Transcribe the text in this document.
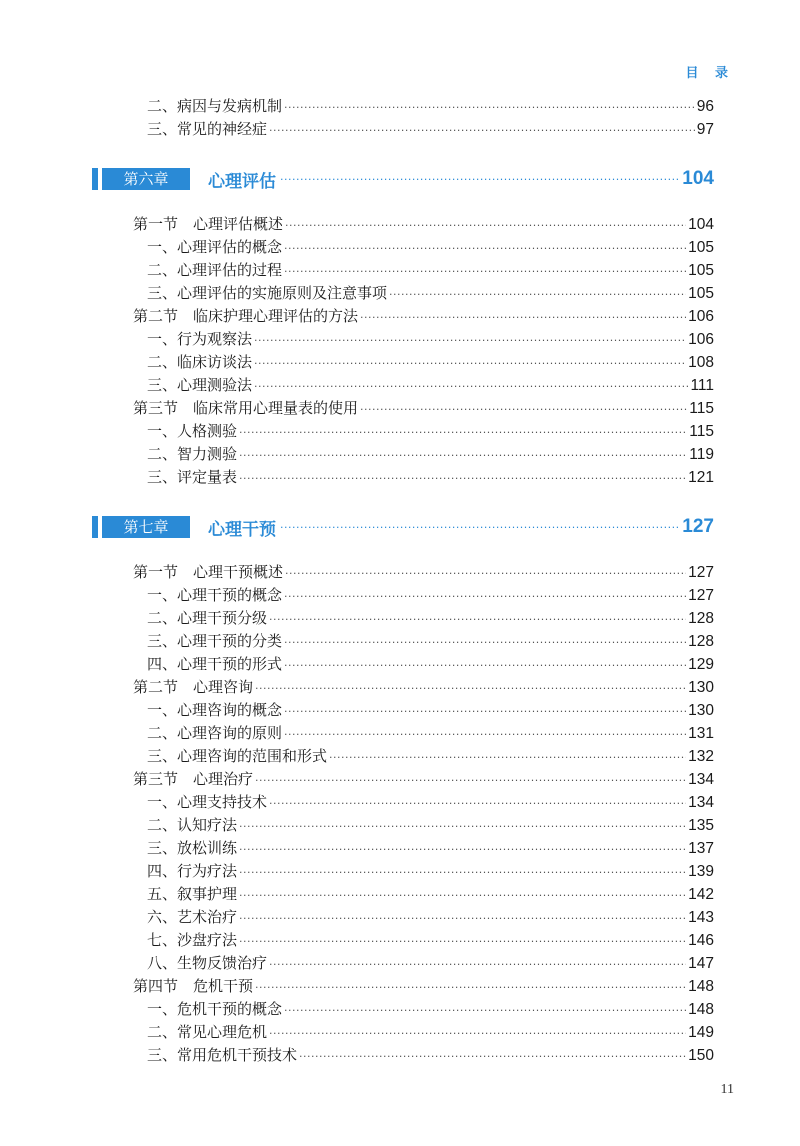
目 录
二、病因与发病机制 ·····	96
三、常见的神经症 ·····	97
第六章	心理评估 ·····	104
第一节　心理评估概述 ·····	104
一、心理评估的概念 ·····	105
二、心理评估的过程 ·····	105
三、心理评估的实施原则及注意事项 ·····	105
第二节　临床护理心理评估的方法 ·····	106
一、行为观察法 ·····	106
二、临床访谈法 ·····	108
三、心理测验法 ·····	111
第三节　临床常用心理量表的使用 ·····	115
一、人格测验 ·····	115
二、智力测验 ·····	119
三、评定量表 ·····	121
第七章	心理干预 ·····	127
第一节　心理干预概述 ·····	127
一、心理干预的概念 ·····	127
二、心理干预分级 ·····	128
三、心理干预的分类 ·····	128
四、心理干预的形式 ·····	129
第二节　心理咨询 ·····	130
一、心理咨询的概念 ·····	130
二、心理咨询的原则 ·····	131
三、心理咨询的范围和形式 ·····	132
第三节　心理治疗 ·····	134
一、心理支持技术 ·····	134
二、认知疗法 ·····	135
三、放松训练 ·····	137
四、行为疗法 ·····	139
五、叙事护理 ·····	142
六、艺术治疗 ·····	143
七、沙盘疗法 ·····	146
八、生物反馈治疗 ·····	147
第四节　危机干预 ·····	148
一、危机干预的概念 ·····	148
二、常见心理危机 ·····	149
三、常用危机干预技术 ·····	150
11
